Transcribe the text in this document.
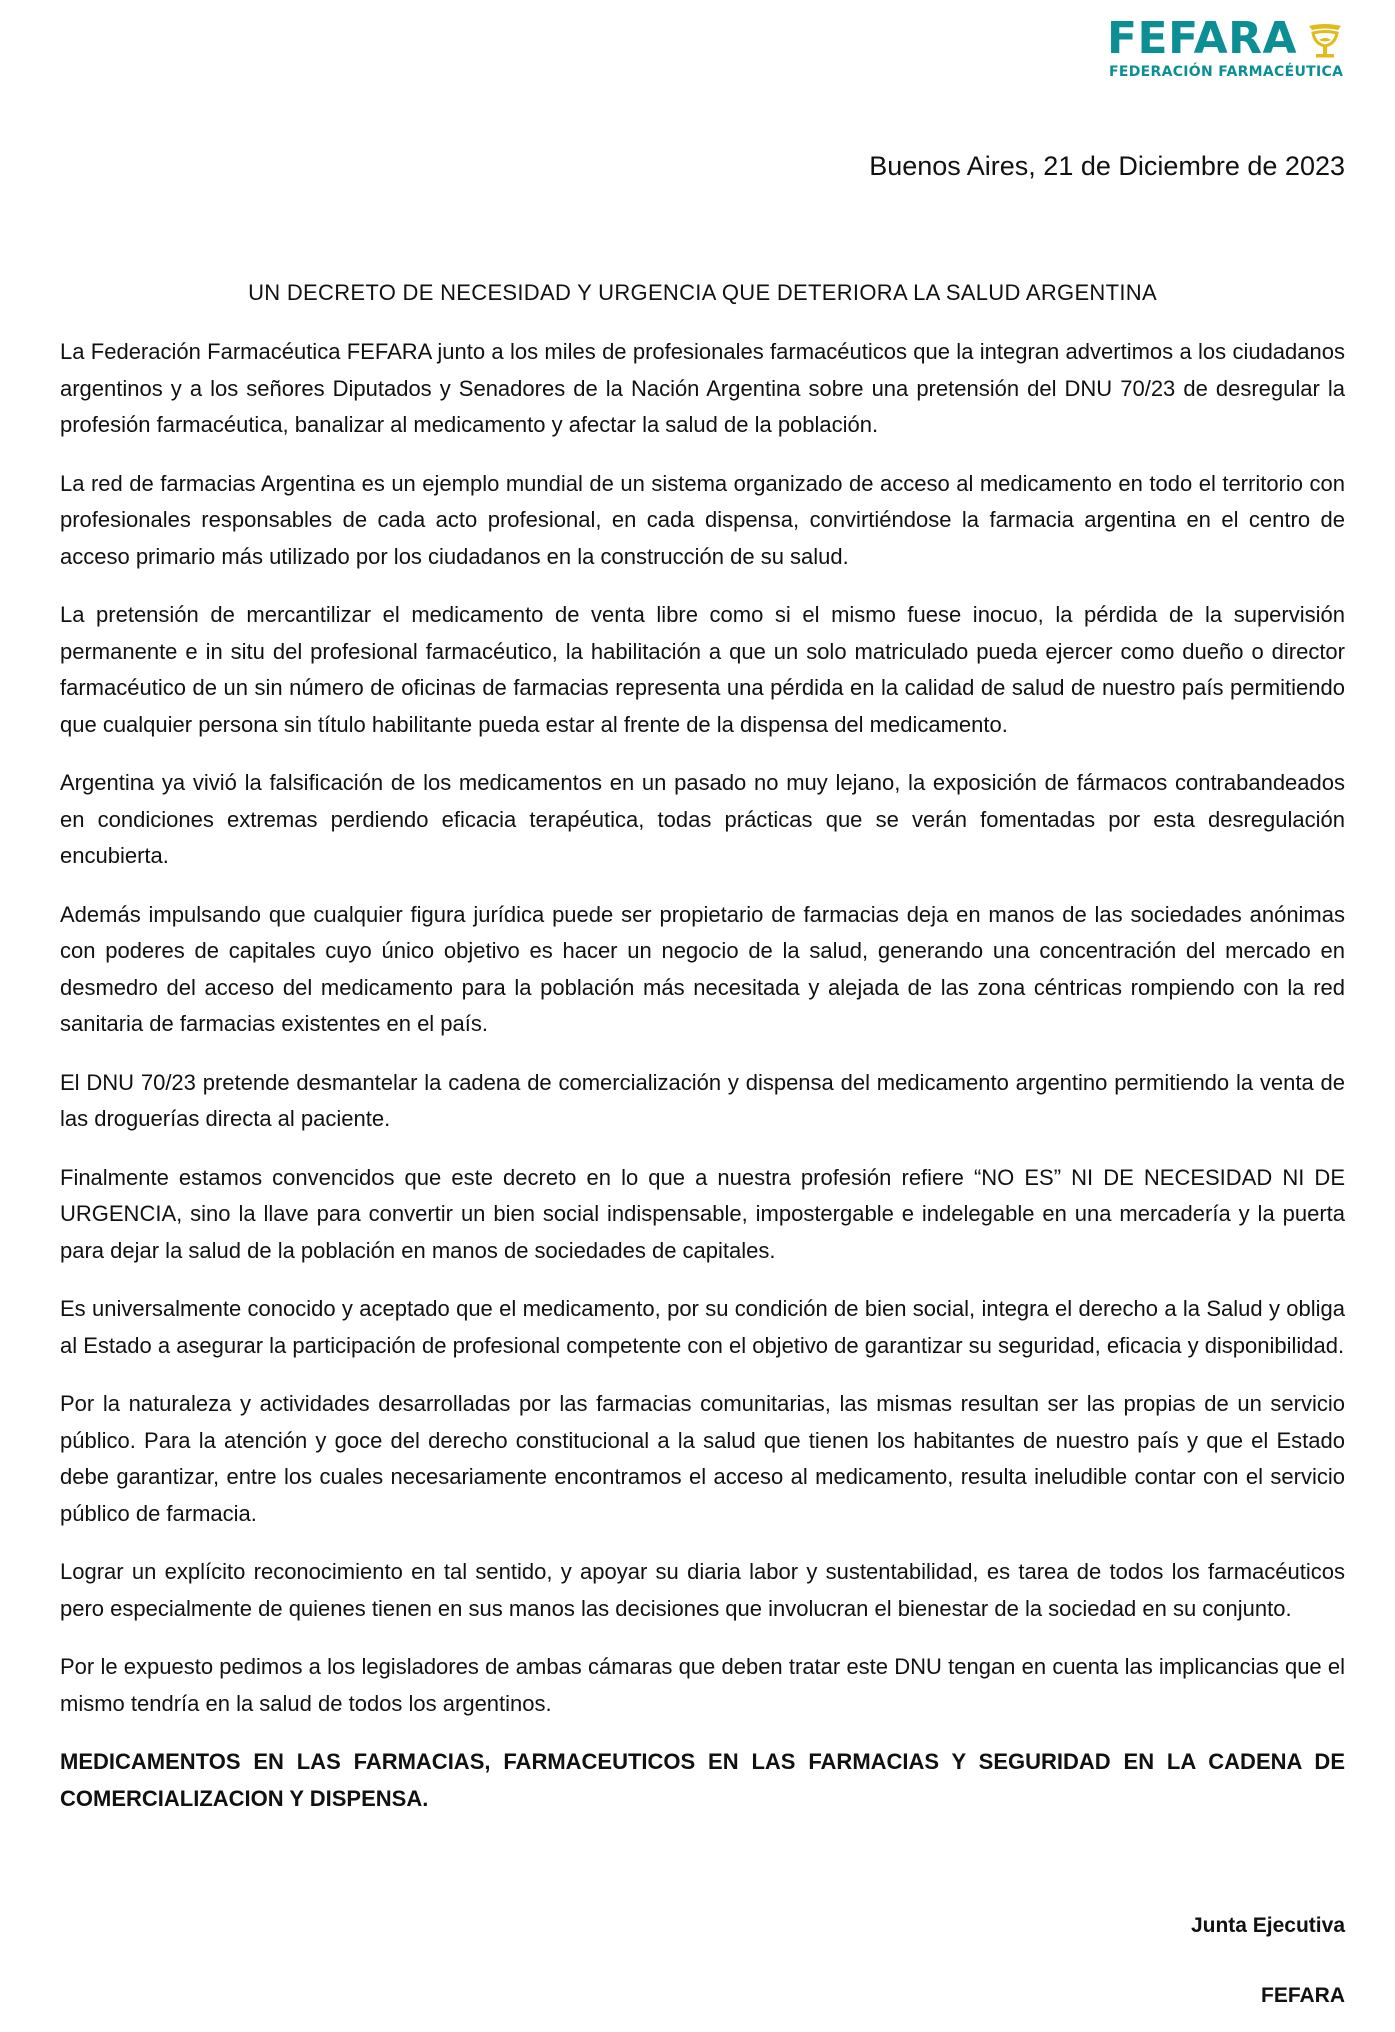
FEFARA
FEDERACIÓN FARMACÉUTICA
Buenos Aires, 21 de Diciembre de 2023
UN DECRETO DE NECESIDAD Y URGENCIA QUE DETERIORA LA SALUD ARGENTINA

La Federación Farmacéutica FEFARA junto a los miles de profesionales farmacéuticos que la integran advertimos a los ciudadanos argentinos y a los señores Diputados y Senadores de la Nación Argentina sobre una pretensión del DNU 70/23 de desregular la profesión farmacéutica, banalizar al medicamento y afectar la salud de la población.

La red de farmacias Argentina es un ejemplo mundial de un sistema organizado de acceso al medicamento en todo el territorio con profesionales responsables de cada acto profesional, en cada dispensa, convirtiéndose la farmacia argentina en el centro de acceso primario más utilizado por los ciudadanos en la construcción de su salud.

La pretensión de mercantilizar el medicamento de venta libre como si el mismo fuese inocuo, la pérdida de la supervisión permanente e in situ del profesional farmacéutico, la habilitación a que un solo matriculado pueda ejercer como dueño o director farmacéutico de un sin número de oficinas de farmacias representa una pérdida en la calidad de salud de nuestro país permitiendo que cualquier persona sin título habilitante pueda estar al frente de la dispensa del medicamento.

Argentina ya vivió la falsificación de los medicamentos en un pasado no muy lejano, la exposición de fármacos contrabandeados en condiciones extremas perdiendo eficacia terapéutica, todas prácticas que se verán fomentadas por esta desregulación encubierta.

Además impulsando que cualquier figura jurídica puede ser propietario de farmacias deja en manos de las sociedades anónimas con poderes de capitales cuyo único objetivo es hacer un negocio de la salud, generando una concentración del mercado en desmedro del acceso del medicamento para la población más necesitada y alejada de las zona céntricas rompiendo con la red sanitaria de farmacias existentes en el país.

El DNU 70/23 pretende desmantelar la cadena de comercialización y dispensa del medicamento argentino permitiendo la venta de las droguerías directa al paciente.

Finalmente estamos convencidos que este decreto en lo que a nuestra profesión refiere “NO ES” NI DE NECESIDAD NI DE URGENCIA, sino la llave para convertir un bien social indispensable, impostergable e indelegable en una mercadería y la puerta para dejar la salud de la población en manos de sociedades de capitales.

Es universalmente conocido y aceptado que el medicamento, por su condición de bien social, integra el derecho a la Salud y obliga al Estado a asegurar la participación de profesional competente con el objetivo de garantizar su seguridad, eficacia y disponibilidad.

Por la naturaleza y actividades desarrolladas por las farmacias comunitarias, las mismas resultan ser las propias de un servicio público. Para la atención y goce del derecho constitucional a la salud que tienen los habitantes de nuestro país y que el Estado debe garantizar, entre los cuales necesariamente encontramos el acceso al medicamento, resulta ineludible contar con el servicio público de farmacia.

Lograr un explícito reconocimiento en tal sentido, y apoyar su diaria labor y sustentabilidad, es tarea de todos los farmacéuticos pero especialmente de quienes tienen en sus manos las decisiones que involucran el bienestar de la sociedad en su conjunto.

Por le expuesto pedimos a los legisladores de ambas cámaras que deben tratar este DNU tengan en cuenta las implicancias que el mismo tendría en la salud de todos los argentinos.

MEDICAMENTOS EN LAS FARMACIAS, FARMACEUTICOS EN LAS FARMACIAS Y SEGURIDAD EN LA CADENA DE COMERCIALIZACION Y DISPENSA.

Junta Ejecutiva
FEFARA
